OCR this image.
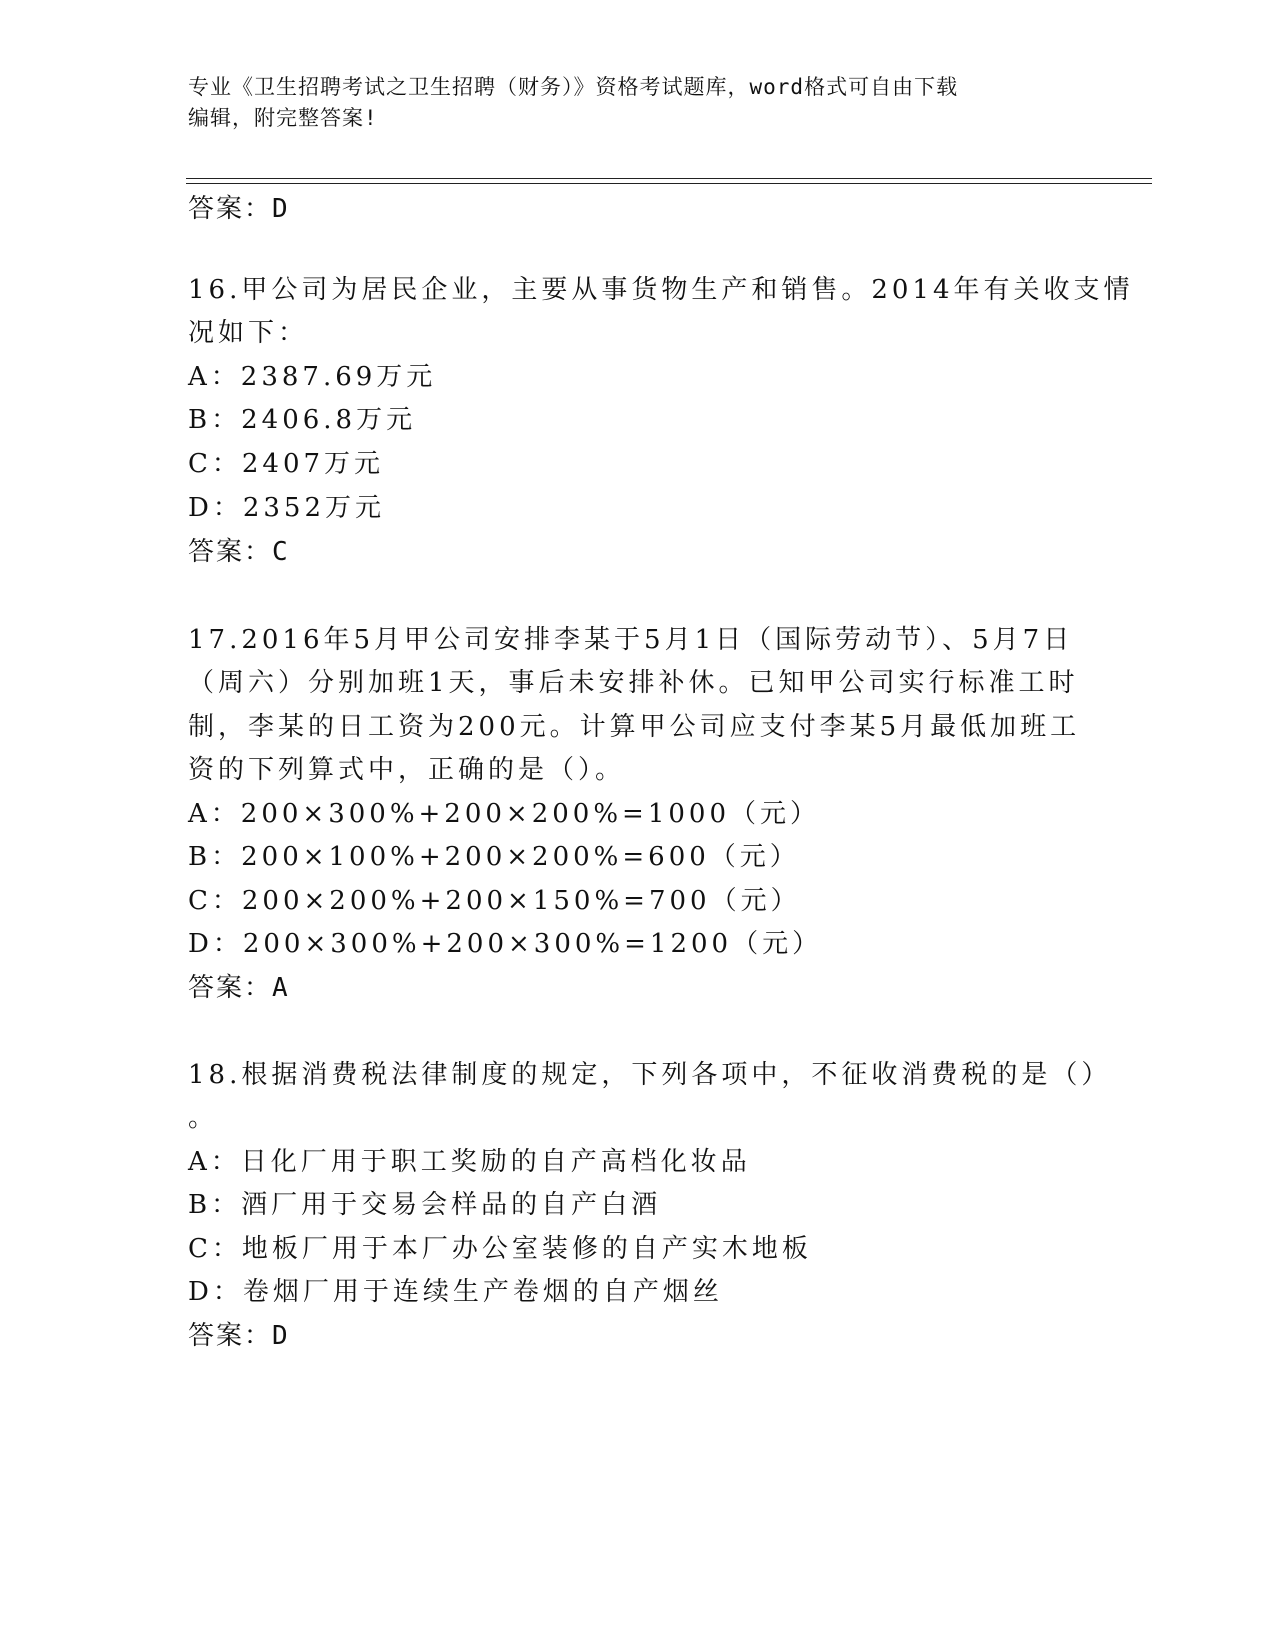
专业《卫生招聘考试之卫生招聘（财务）》资格考试题库，word格式可自由下载
编辑，附完整答案!
答案：D
16.甲公司为居民企业，主要从事货物生产和销售。2014年有关收支情
况如下：
A：2387.69万元
B：2406.8万元
C：2407万元
D：2352万元
答案：C
17.2016年5月甲公司安排李某于5月1日（国际劳动节）、5月7日
（周六）分别加班1天，事后未安排补休。已知甲公司实行标准工时
制，李某的日工资为200元。计算甲公司应支付李某5月最低加班工
资的下列算式中，正确的是（）。
A：200×300%+200×200%=1000（元）
B：200×100%+200×200%=600（元）
C：200×200%+200×150%=700（元）
D：200×300%+200×300%=1200（元）
答案：A
18.根据消费税法律制度的规定，下列各项中，不征收消费税的是（）
。
A：日化厂用于职工奖励的自产高档化妆品
B：酒厂用于交易会样品的自产白酒
C：地板厂用于本厂办公室装修的自产实木地板
D：卷烟厂用于连续生产卷烟的自产烟丝
答案：D
